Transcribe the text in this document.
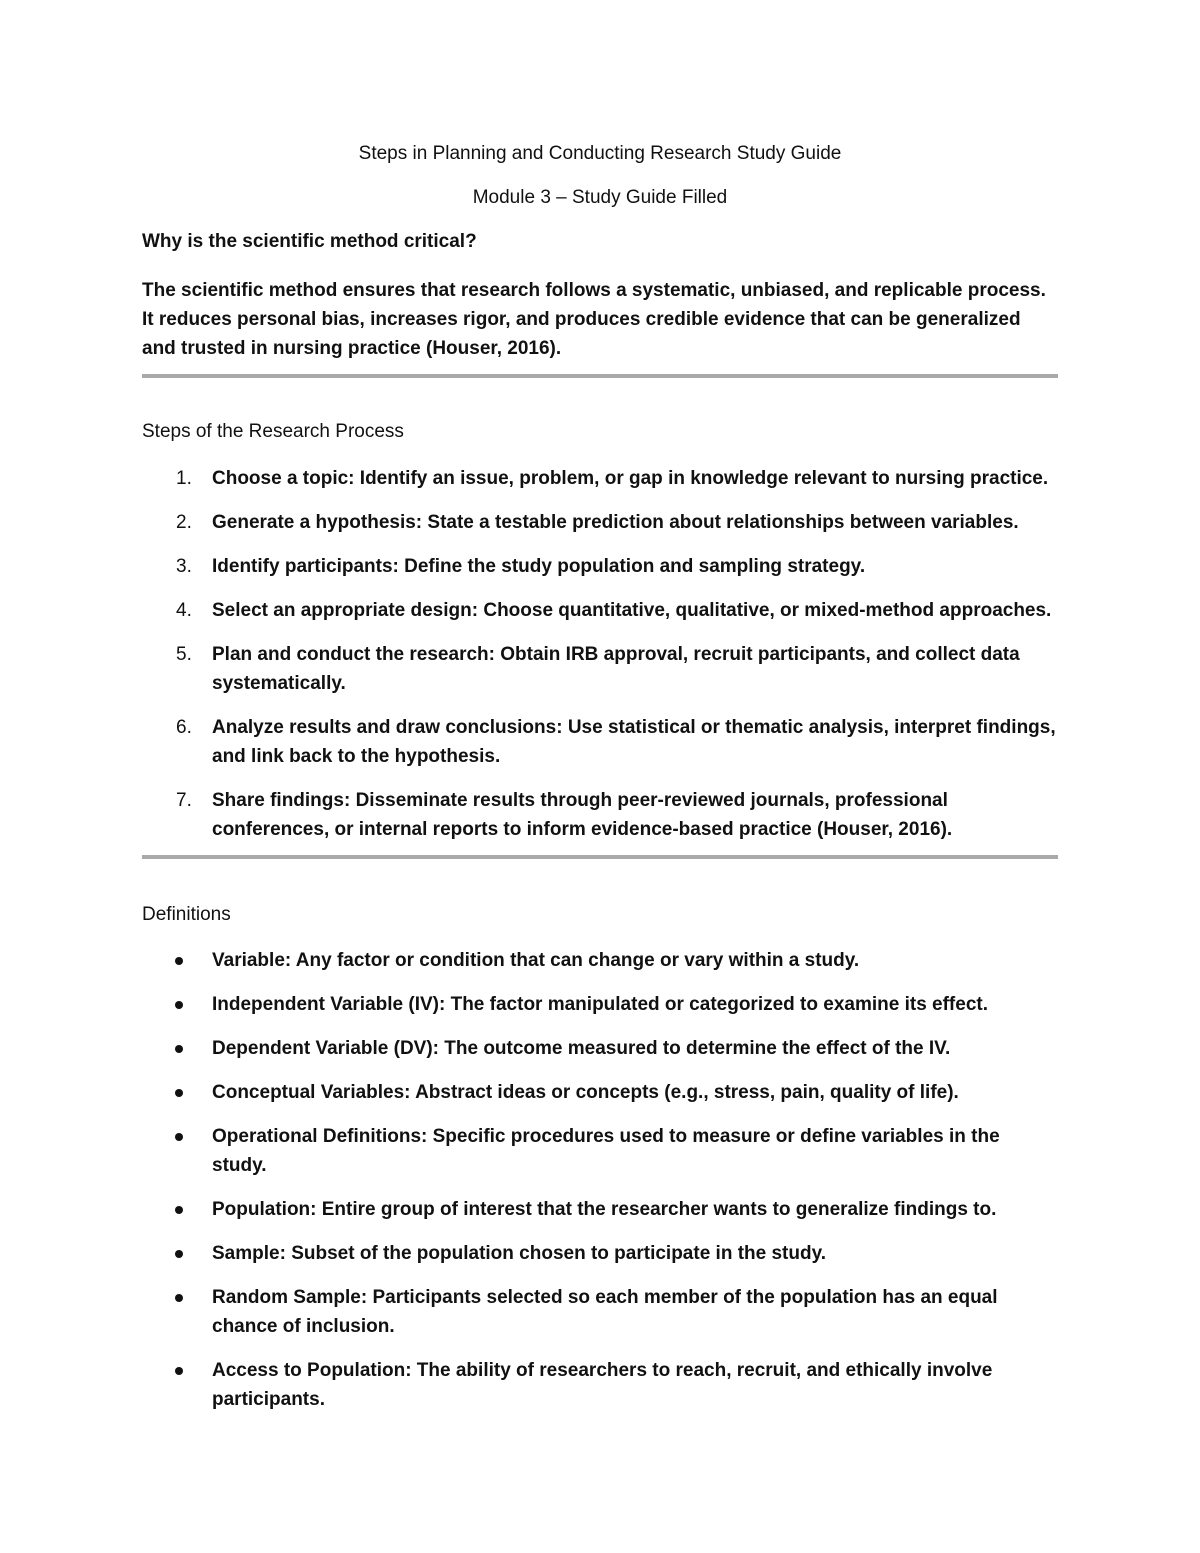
Steps in Planning and Conducting Research Study Guide
Module 3 – Study Guide Filled
Why is the scientific method critical?
The scientific method ensures that research follows a systematic, unbiased, and replicable process. It reduces personal bias, increases rigor, and produces credible evidence that can be generalized and trusted in nursing practice (Houser, 2016).
Steps of the Research Process
1.	Choose a topic: Identify an issue, problem, or gap in knowledge relevant to nursing practice.
2.	Generate a hypothesis: State a testable prediction about relationships between variables.
3.	Identify participants: Define the study population and sampling strategy.
4.	Select an appropriate design: Choose quantitative, qualitative, or mixed-method approaches.
5.	Plan and conduct the research: Obtain IRB approval, recruit participants, and collect data systematically.
6.	Analyze results and draw conclusions: Use statistical or thematic analysis, interpret findings, and link back to the hypothesis.
7.	Share findings: Disseminate results through peer-reviewed journals, professional conferences, or internal reports to inform evidence-based practice (Houser, 2016).
Definitions
Variable: Any factor or condition that can change or vary within a study.
Independent Variable (IV): The factor manipulated or categorized to examine its effect.
Dependent Variable (DV): The outcome measured to determine the effect of the IV.
Conceptual Variables: Abstract ideas or concepts (e.g., stress, pain, quality of life).
Operational Definitions: Specific procedures used to measure or define variables in the study.
Population: Entire group of interest that the researcher wants to generalize findings to.
Sample: Subset of the population chosen to participate in the study.
Random Sample: Participants selected so each member of the population has an equal chance of inclusion.
Access to Population: The ability of researchers to reach, recruit, and ethically involve participants.
